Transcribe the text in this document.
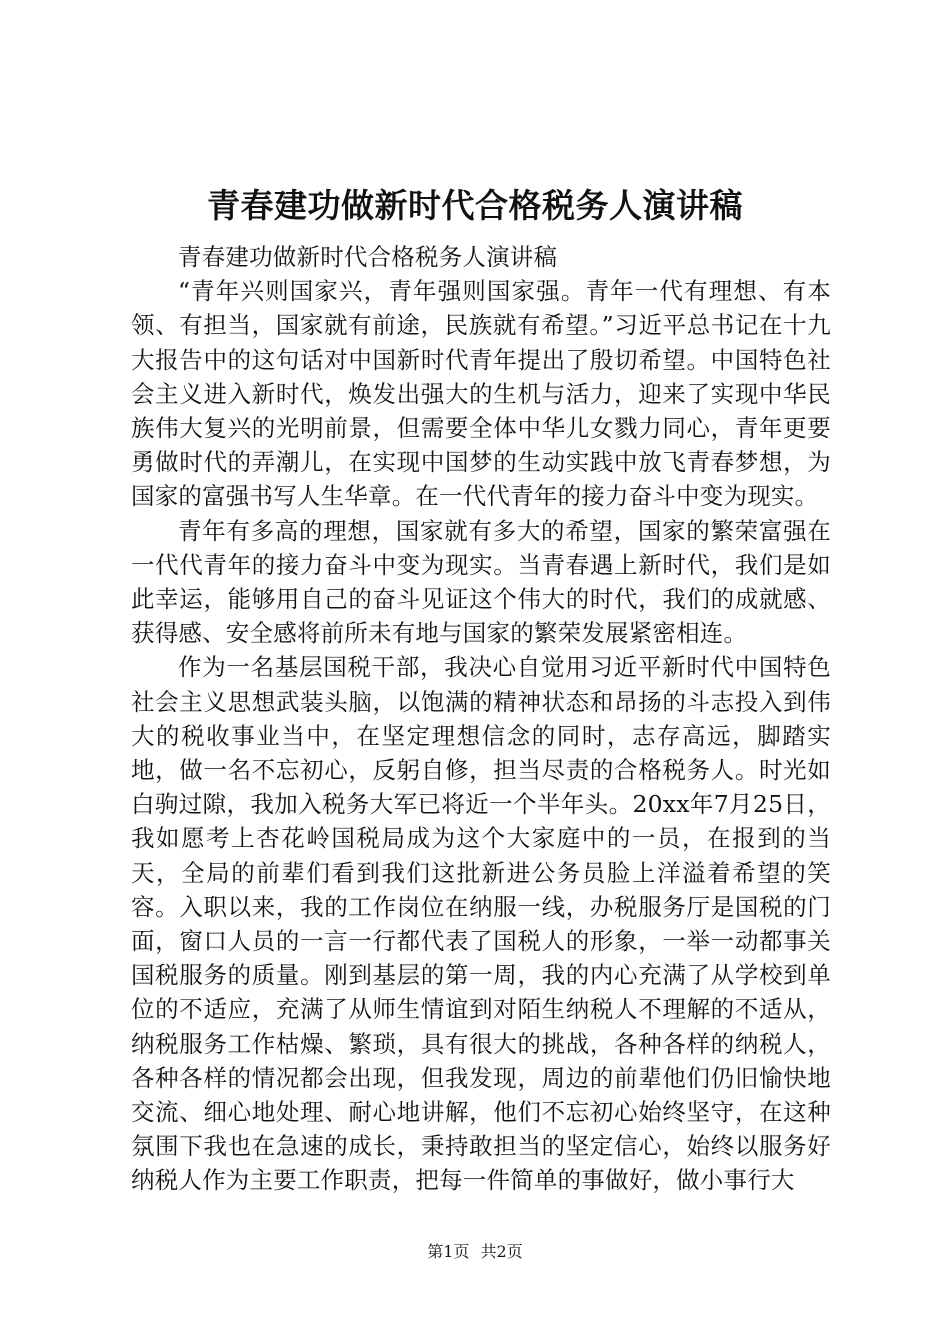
青春建功做新时代合格税务人演讲稿

青春建功做新时代合格税务人演讲稿

“青年兴则国家兴，青年强则国家强。青年一代有理想、有本领、有担当，国家就有前途，民族就有希望。”习近平总书记在十九大报告中的这句话对中国新时代青年提出了殷切希望。中国特色社会主义进入新时代，焕发出强大的生机与活力，迎来了实现中华民族伟大复兴的光明前景，但需要全体中华儿女戮力同心，青年更要勇做时代的弄潮儿，在实现中国梦的生动实践中放飞青春梦想，为国家的富强书写人生华章。在一代代青年的接力奋斗中变为现实。

青年有多高的理想，国家就有多大的希望，国家的繁荣富强在一代代青年的接力奋斗中变为现实。当青春遇上新时代，我们是如此幸运，能够用自己的奋斗见证这个伟大的时代，我们的成就感、获得感、安全感将前所未有地与国家的繁荣发展紧密相连。

作为一名基层国税干部，我决心自觉用习近平新时代中国特色社会主义思想武装头脑，以饱满的精神状态和昂扬的斗志投入到伟大的税收事业当中，在坚定理想信念的同时，志存高远，脚踏实地，做一名不忘初心，反躬自修，担当尽责的合格税务人。时光如白驹过隙，我加入税务大军已将近一个半年头。20xx年7月25日，我如愿考上杏花岭国税局成为这个大家庭中的一员，在报到的当天，全局的前辈们看到我们这批新进公务员脸上洋溢着希望的笑容。入职以来，我的工作岗位在纳服一线，办税服务厅是国税的门面，窗口人员的一言一行都代表了国税人的形象，一举一动都事关国税服务的质量。刚到基层的第一周，我的内心充满了从学校到单位的不适应，充满了从师生情谊到对陌生纳税人不理解的不适从，纳税服务工作枯燥、繁琐，具有很大的挑战，各种各样的纳税人，各种各样的情况都会出现，但我发现，周边的前辈他们仍旧愉快地交流、细心地处理、耐心地讲解，他们不忘初心始终坚守，在这种氛围下我也在急速的成长，秉持敢担当的坚定信心，始终以服务好纳税人作为主要工作职责，把每一件简单的事做好，做小事行大

第1页 共2页
